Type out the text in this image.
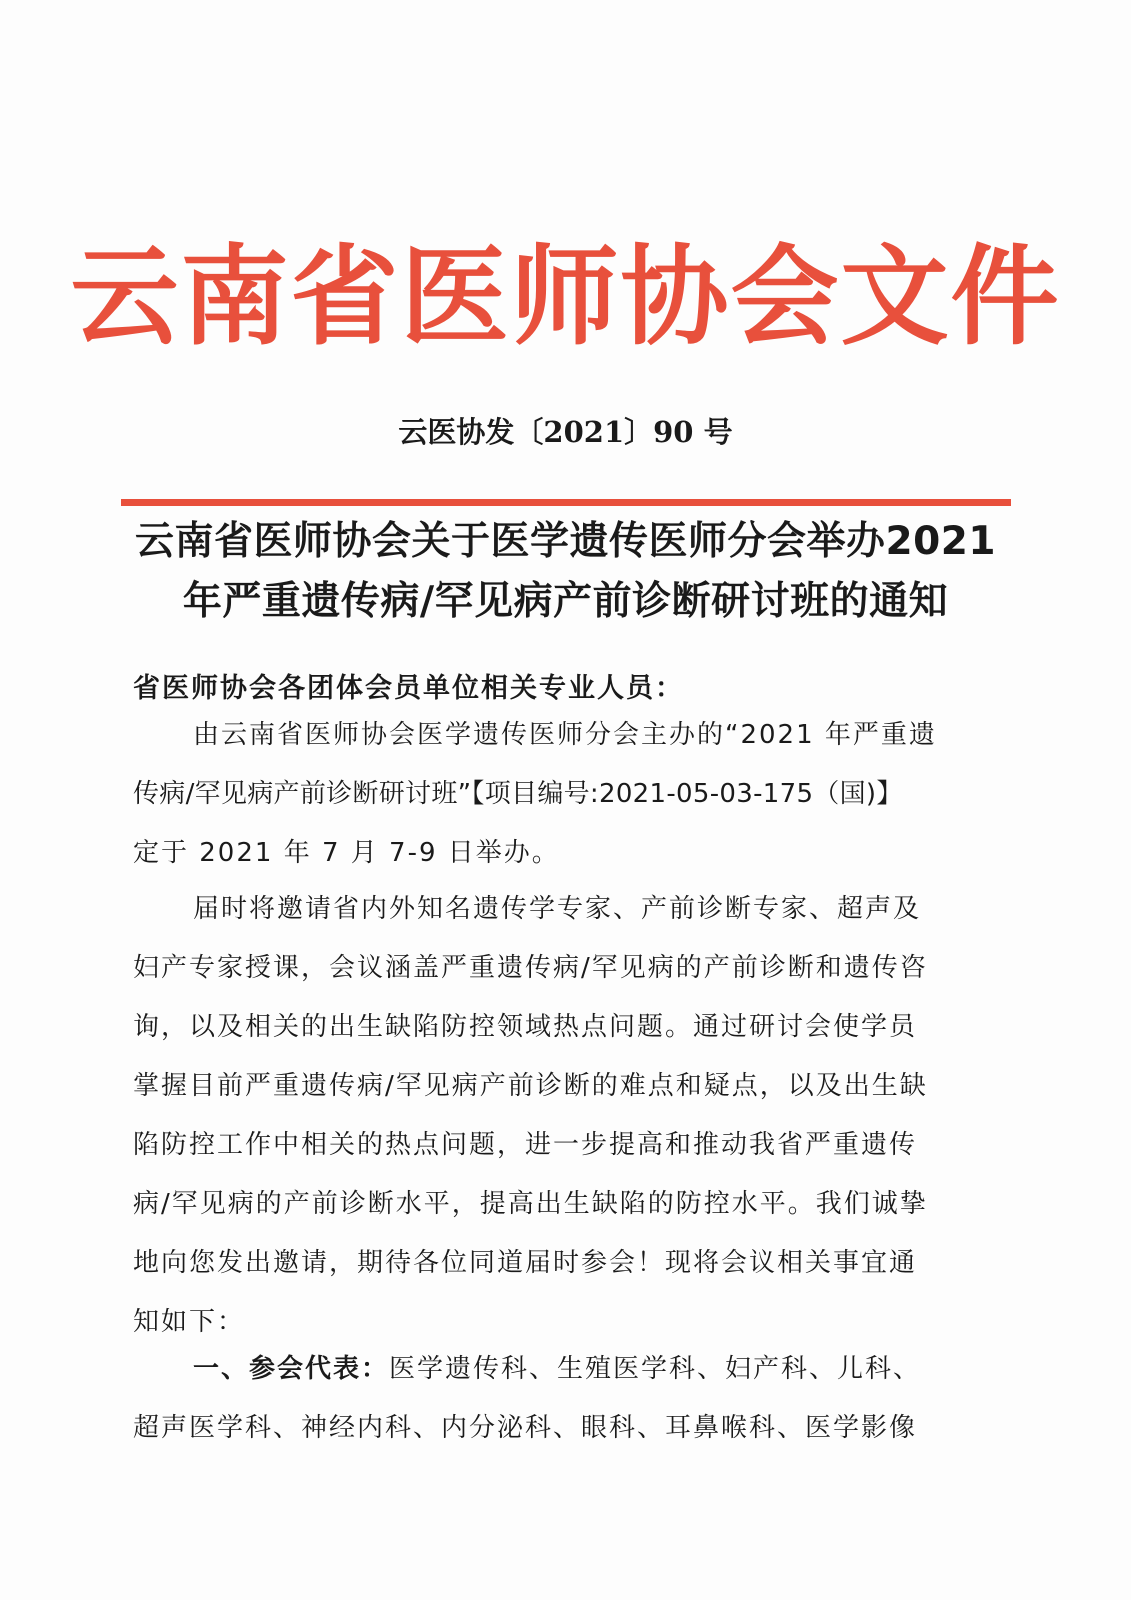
云南省医师协会文件
云医协发〔2021〕90 号
云南省医师协会关于医学遗传医师分会举办2021
年严重遗传病/罕见病产前诊断研讨班的通知
省医师协会各团体会员单位相关专业人员：
由云南省医师协会医学遗传医师分会主办的“2021 年严重遗
传病/罕见病产前诊断研讨班”【项目编号:2021-05-03-175（国)】
定于 2021 年 7 月 7-9 日举办。
届时将邀请省内外知名遗传学专家、产前诊断专家、超声及
妇产专家授课，会议涵盖严重遗传病/罕见病的产前诊断和遗传咨
询，以及相关的出生缺陷防控领域热点问题。通过研讨会使学员
掌握目前严重遗传病/罕见病产前诊断的难点和疑点，以及出生缺
陷防控工作中相关的热点问题，进一步提高和推动我省严重遗传
病/罕见病的产前诊断水平，提高出生缺陷的防控水平。我们诚挚
地向您发出邀请，期待各位同道届时参会！现将会议相关事宜通
知如下：
一、参会代表：医学遗传科、生殖医学科、妇产科、儿科、
超声医学科、神经内科、内分泌科、眼科、耳鼻喉科、医学影像
